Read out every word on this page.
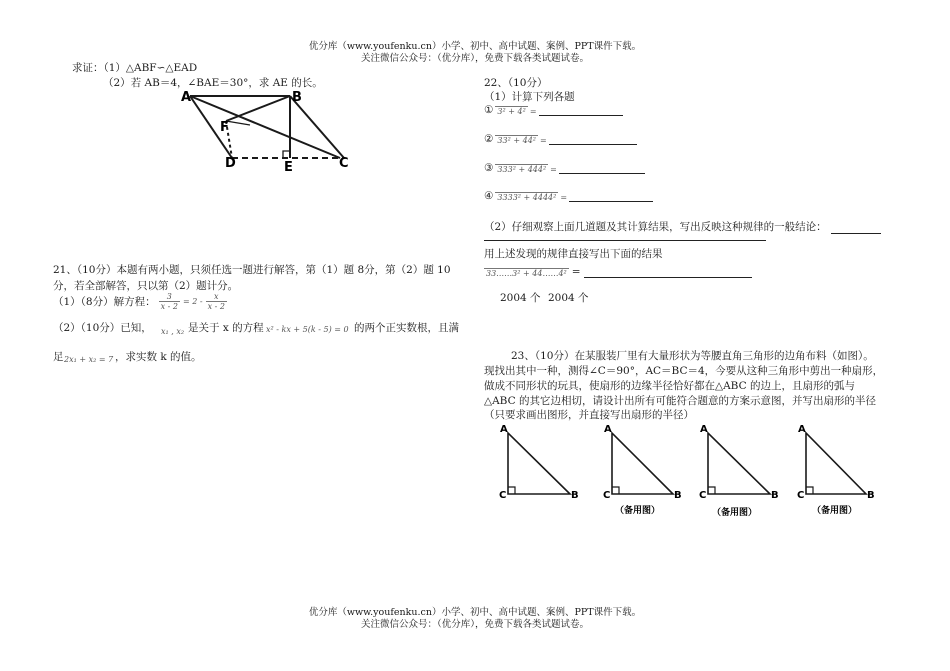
优分库（www.youfenku.cn）小学、初中、高中试题、案例、PPT课件下载。
关注微信公众号：（优分库），免费下载各类试题试卷。
求证：（1）△ABF∽△EAD
（2）若 AB＝4，∠BAE＝30°，求 AE 的长。
A	B
F
D	E	C
21、（10分）本题有两小题，只须任选一题进行解答，第（1）题 8分，第（2）题 10
分，若全部解答，只以第（2）题计分。
（1）（8分）解方程： $\frac{3}{x - 2} = 2 - \frac{x}{x - 2}$
（2）（10分）已知， x₁ , x₂ 是关于 x 的方程 x² - kx + 5(k - 5) = 0 的两个正实数根，且满
足 2x₁ + x₂ = 7 ，求实数 k 的值。
22、（10分）
（1）计算下列各题
① 3² + 4² =
② 33² + 44² =
③ 333² + 444² =
④ 3333² + 4444² =
（2）仔细观察上面几道题及其计算结果，写出反映这种规律的一般结论：
用上述发现的规律直接写出下面的结果
33……3² + 44……4² =
2004 个 2004 个
23、（10分）在某服装厂里有大量形状为等腰直角三角形的边角布料（如图）。
现找出其中一种，测得∠C＝90°，AC＝BC＝4，今要从这种三角形中剪出一种扇形，
做成不同形状的玩具，使扇形的边缘半径恰好都在△ABC 的边上，且扇形的弧与
△ABC 的其它边相切，请设计出所有可能符合题意的方案示意图，并写出扇形的半径
（只要求画出图形，并直接写出扇形的半径）
A
C	B
A
C	B
（备用图）
A
C	B
（备用图）
A
C	B
（备用图）
优分库（www.youfenku.cn）小学、初中、高中试题、案例、PPT课件下载。
关注微信公众号：（优分库），免费下载各类试题试卷。
